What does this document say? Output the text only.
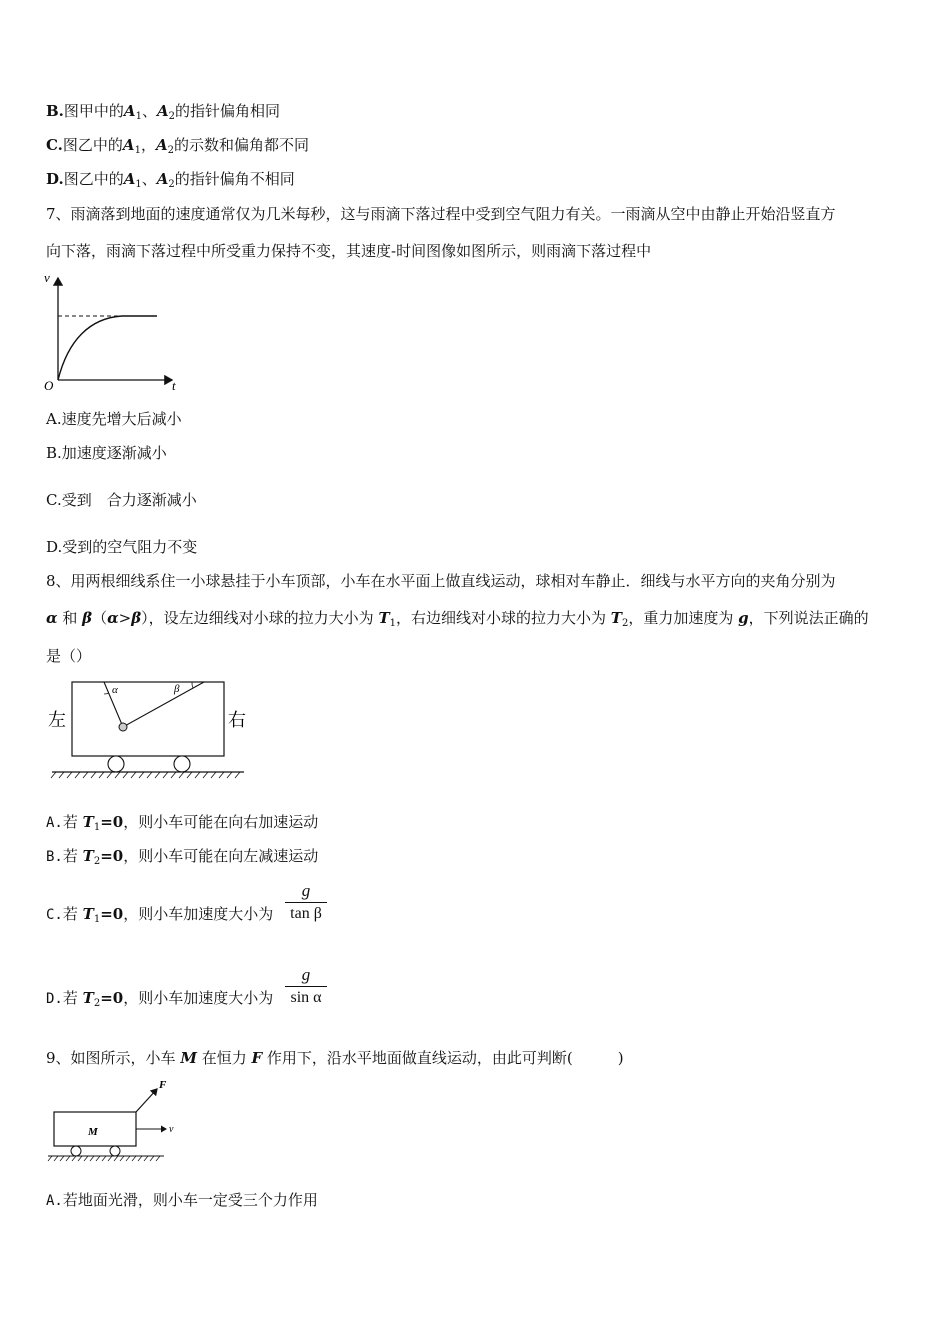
B.图甲中的$A_1$、$A_2$的指针偏角相同
C.图乙中的$A_1$，$A_2$的示数和偏角都不同
D.图乙中的$A_1$、$A_2$的指针偏角不相同
7、雨滴落到地面的速度通常仅为几米每秒，这与雨滴下落过程中受到空气阻力有关。一雨滴从空中由静止开始沿竖直方
向下落，雨滴下落过程中所受重力保持不变，其速度-时间图像如图所示，则雨滴下落过程中
v
t
O
A.速度先增大后减小
B.加速度逐渐减小
C.受到　合力逐渐减小
D.受到的空气阻力不变
8、用两根细线系住一小球悬挂于小车顶部，小车在水平面上做直线运动，球相对车静止．细线与水平方向的夹角分别为
α 和 β（α>β），设左边细线对小球的拉力大小为 $T_1$，右边细线对小球的拉力大小为 $T_2$，重力加速度为 g，下列说法正确的
是（）
α	β
左	右
A.若 $T_1=0$，则小车可能在向右加速运动
B.若 $T_2=0$，则小车可能在向左减速运动
C.若 $T_1=0$，则小车加速度大小为
g
tan β
D.若 $T_2=0$，则小车加速度大小为
g
sin α
9、如图所示，小车 M 在恒力 F 作用下，沿水平地面做直线运动，由此可判断(　　　)
M
F
v
A.若地面光滑，则小车一定受三个力作用
